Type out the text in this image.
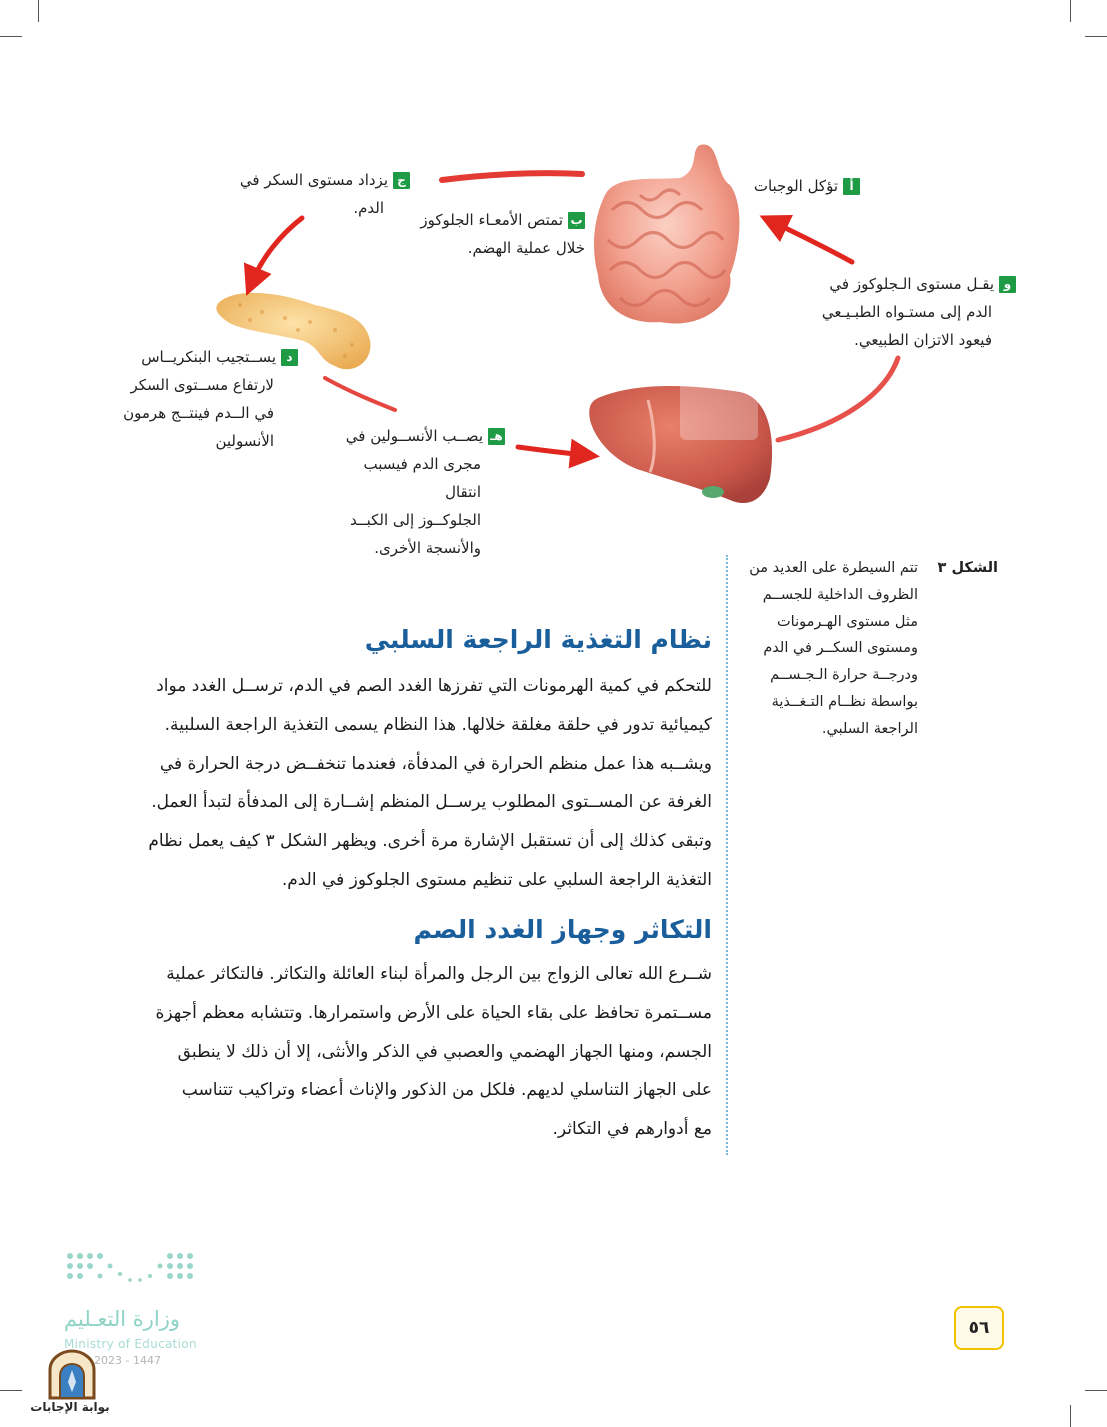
أتؤكل الوجبات
بتمتص الأمعـاء الجلوكوز
خلال عملية الهضم.
جيزداد مستوى السكر في
الدم.
ديســتجيب البنكريــاس
لارتفاع مســتوى السكر
في الــدم فينتــج هرمون
الأنسولين	هـيصــب الأنســولين في
مجرى الدم فيسبب انتقال
الجلوكــوز إلى الكبــد
والأنسجة الأخرى.
ويقـل مستوى الـجلوكوز في
الدم إلى مستـواه الطبـيـعي
فيعود الاتزان الطبيعي.
الشكل ٣
تتم السيطرة على العديد من
الظروف الداخلية للجســم
مثل مستوى الهـرمونات
ومستوى السكــر في الدم
ودرجــة حرارة الـجـســم
بواسطة نظــام التـغــذية
الراجعة السلبي.
نظام التغذية الراجعة السلبي
للتحكم في كمية الهرمونات التي تفرزها الغدد الصم في الدم، ترســل الغدد مواد
كيميائية تدور في حلقة مغلقة خلالها. هذا النظام يسمى التغذية الراجعة السلبية.
ويشــبه هذا عمل منظم الحرارة في المدفأة، فعندما تنخفــض درجة الحرارة في
الغرفة عن المســتوى المطلوب يرســل المنظم إشــارة إلى المدفأة لتبدأ العمل.
وتبقى كذلك إلى أن تستقبل الإشارة مرة أخرى. ويظهر الشكل ٣ كيف يعمل نظام
التغذية الراجعة السلبي على تنظيم مستوى الجلوكوز في الدم.
التكاثر وجهاز الغدد الصم
شــرع الله تعالى الزواج بين الرجل والمرأة لبناء العائلة والتكاثر. فالتكاثر عملية
مســتمرة تحافظ على بقاء الحياة على الأرض واستمرارها. وتتشابه معظم أجهزة
الجسم، ومنها الجهاز الهضمي والعصبي في الذكر والأنثى، إلا أن ذلك لا ينطبق
على الجهاز التناسلي لديهم. فلكل من الذكور والإناث أعضاء وتراكيب تتناسب
مع أدوارهم في التكاثر.
وزارة التعـليم
Ministry of Education
2023 - 1447
بوابة الإجابات
٥٦
